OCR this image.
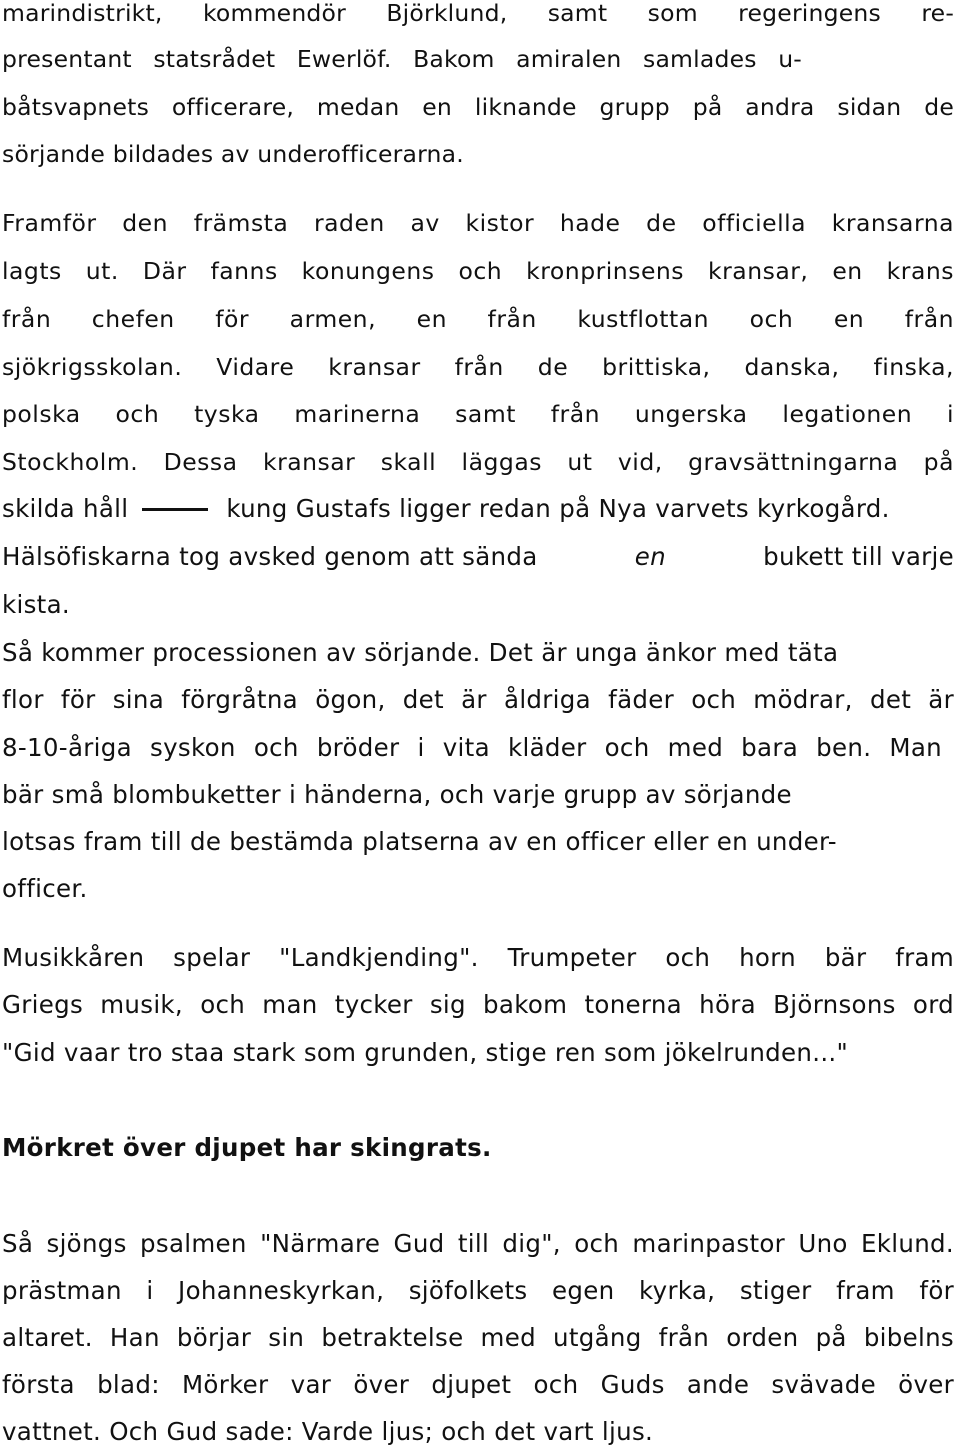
marindistrikt, kommendör Björklund, samt som regeringens re-
presentant statsrådet Ewerlöf. Bakom amiralen samlades u-
båtsvapnets officerare, medan en liknande grupp på andra sidan de
sörjande bildades av underofficerarna.
Framför den främsta raden av kistor hade de officiella kransarna
lagts ut. Där fanns konungens och kronprinsens kransar, en krans
från chefen för armen, en från kustflottan och en från
sjökrigsskolan. Vidare kransar från de brittiska, danska, finska,
polska och tyska marinerna samt från ungerska legationen i
Stockholm. Dessa kransar skall läggas ut vid, gravsättningarna på
skilda håll	kung Gustafs ligger redan på Nya varvets kyrkogård.
Hälsöfiskarna tog avsked genom att sända	en	bukett till varje
kista.
Så kommer processionen av sörjande. Det är unga änkor med täta
flor för sina förgråtna ögon, det är åldriga fäder och mödrar, det är
8-10-åriga syskon och bröder i vita kläder och med bara ben. Man
bär små blombuketter i händerna, och varje grupp av sörjande
lotsas fram till de bestämda platserna av en officer eller en under-
officer.
Musikkåren spelar "Landkjending". Trumpeter och horn bär fram
Griegs musik, och man tycker sig bakom tonerna höra Björnsons ord
"Gid vaar tro staa stark som grunden, stige ren som jökelrunden..."
Mörkret över djupet har skingrats.
Så sjöngs psalmen "Närmare Gud till dig", och marinpastor Uno Eklund.
prästman i Johanneskyrkan, sjöfolkets egen kyrka, stiger fram för
altaret. Han börjar sin betraktelse med utgång från orden på bibelns
första blad: Mörker var över djupet och Guds ande svävade över
vattnet. Och Gud sade: Varde ljus; och det vart ljus.
